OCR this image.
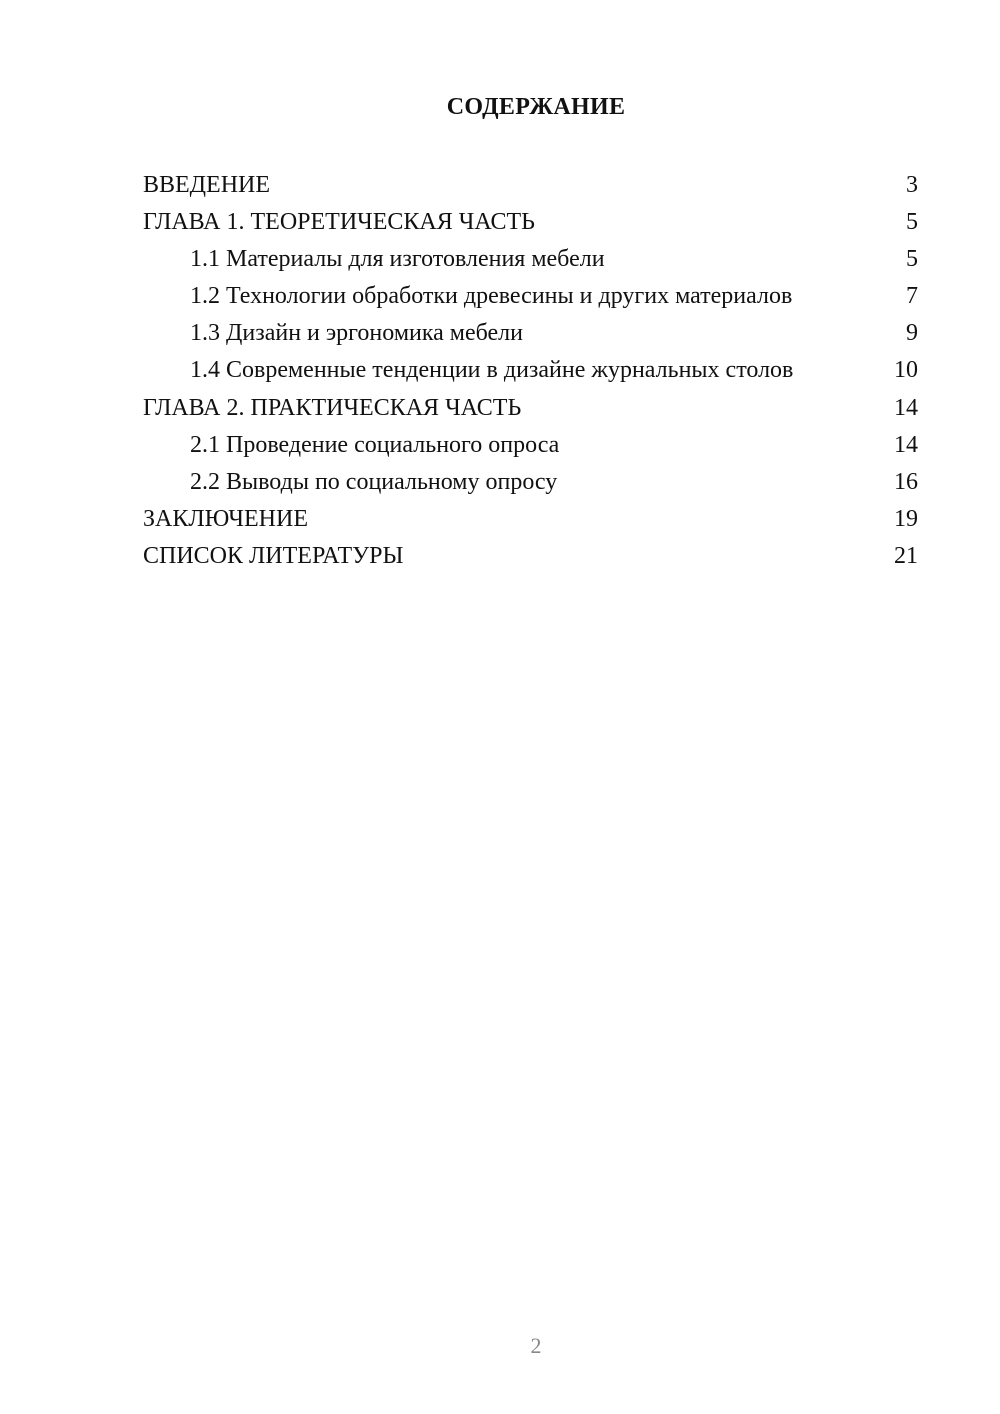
СОДЕРЖАНИЕ
ВВЕДЕНИЕ	3
ГЛАВА 1. ТЕОРЕТИЧЕСКАЯ ЧАСТЬ	5
1.1 Материалы для изготовления мебели	5
1.2 Технологии обработки древесины и других материалов	7
1.3 Дизайн и эргономика мебели	9
1.4 Современные тенденции в дизайне журнальных столов	10
ГЛАВА 2. ПРАКТИЧЕСКАЯ ЧАСТЬ	14
2.1 Проведение социального опроса	14
2.2 Выводы по социальному опросу	16
ЗАКЛЮЧЕНИЕ	19
СПИСОК ЛИТЕРАТУРЫ	21
2
